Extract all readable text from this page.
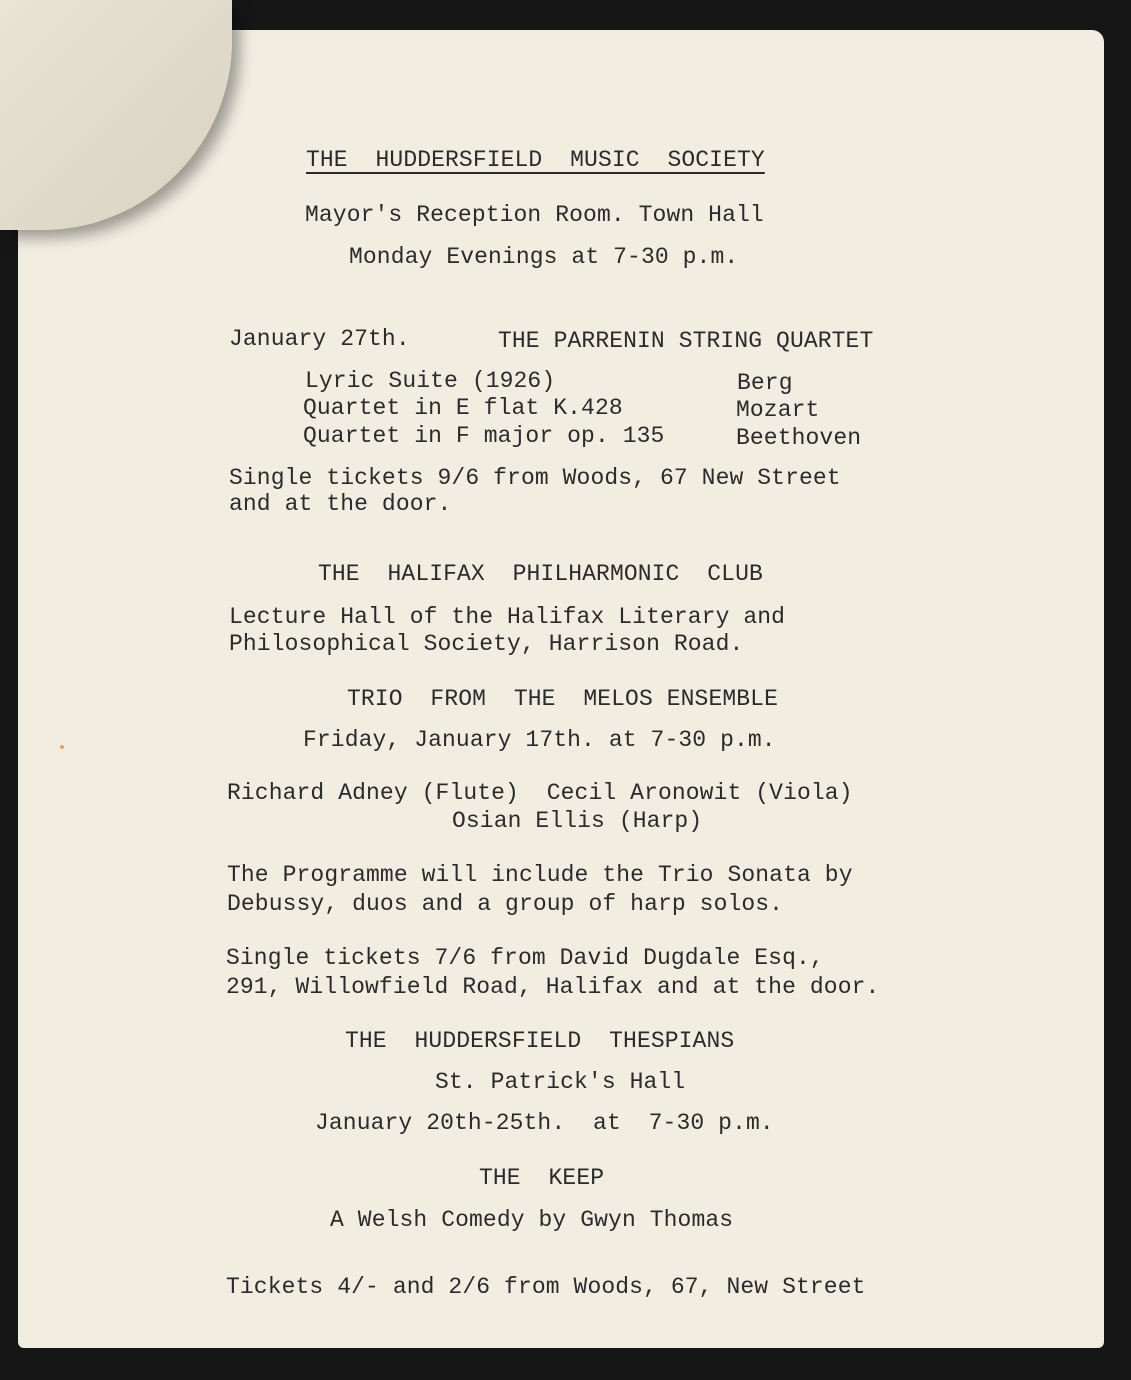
THE  HUDDERSFIELD  MUSIC  SOCIETY

Mayor's Reception Room. Town Hall

Monday Evenings at 7-30 p.m.

January 27th.	THE PARRENIN STRING QUARTET

Lyric Suite (1926)	Berg

Quartet in E flat K.428	Mozart

Quartet in F major op. 135	Beethoven

Single tickets 9/6 from Woods, 67 New Street

and at the door.

THE  HALIFAX  PHILHARMONIC  CLUB

Lecture Hall of the Halifax Literary and

Philosophical Society, Harrison Road.

TRIO  FROM  THE  MELOS ENSEMBLE

Friday, January 17th. at 7-30 p.m.

Richard Adney (Flute)  Cecil Aronowit (Viola)

Osian Ellis (Harp)

The Programme will include the Trio Sonata by

Debussy, duos and a group of harp solos.

Single tickets 7/6 from David Dugdale Esq.,

291, Willowfield Road, Halifax and at the door.

THE  HUDDERSFIELD  THESPIANS

St. Patrick's Hall

January 20th-25th.  at  7-30 p.m.

THE  KEEP

A Welsh Comedy by Gwyn Thomas

Tickets 4/- and 2/6 from Woods, 67, New Street
